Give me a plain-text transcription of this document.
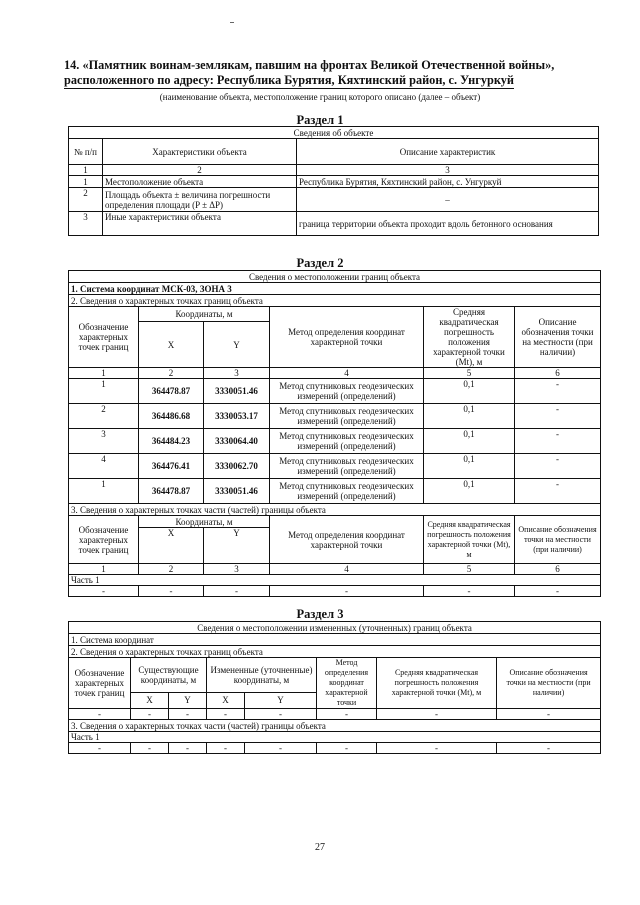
14. «Памятник воинам-землякам, павшим на фронтах Великой Отечественной войны»,
расположенного по адресу: Республика Бурятия, Кяхтинский район, с. Унгуркуй
(наименование объекта, местоположение границ которого описано (далее – объект)
Раздел 1
Сведения об объекте		
№ п/п	Характеристики объекта	Описание характеристик
1	2	3
1	Местоположение объекта	Республика Бурятия, Кяхтинский район, с. Унгуркуй
2	Площадь объекта ± величина погрешности определения площади (P ± ΔP)	–
3	Иные характеристики объекта	граница территории объекта проходит вдоль бетонного основания
Раздел 2
Сведения о местоположении границ объекта					
1. Система координат МСК-03, ЗОНА 3					
2. Сведения о характерных точках границ объекта					
Обозначение характерных точек границ	Координаты, м		Метод определения координат характерной точки	Средняя квадратическая погрешность положения характерной точки (Mt), м	Описание обозначения точки на местности (при наличии)
	X	Y			
1	2	3	4	5	6
1	364478.87	3330051.46	Метод спутниковых геодезических измерений (определений)	0,1	-
2	364486.68	3330053.17	Метод спутниковых геодезических измерений (определений)	0,1	-
3	364484.23	3330064.40	Метод спутниковых геодезических измерений (определений)	0,1	-
4	364476.41	3330062.70	Метод спутниковых геодезических измерений (определений)	0,1	-
1	364478.87	3330051.46	Метод спутниковых геодезических измерений (определений)	0,1	-
3. Сведения о характерных точках части (частей) границы объекта					
Обозначение характерных точек границ	Координаты, м		Метод определения координат характерной точки	Средняя квадратическая погрешность положения характерной точки (Mt), м	Описание обозначения точки на местности (при наличии)
	X	Y			
1	2	3	4	5	6
Часть 1					
-	-	-	-	-	-
Раздел 3
Сведения о местоположении измененных (уточненных) границ объекта							
1. Система координат							
2. Сведения о характерных точках границ объекта							
Обозначение характерных точек границ	Существующие координаты, м		Измененные (уточненные) координаты, м		Метод определения координат характерной точки	Средняя квадратическая погрешность положения характерной точки (Mt), м	Описание обозначения точки на местности (при наличии)
	X	Y	X	Y			
-	-	-	-	-	-	-	-
3. Сведения о характерных точках части (частей) границы объекта							
Часть 1							
-	-	-	-	-	-	-	-
27
